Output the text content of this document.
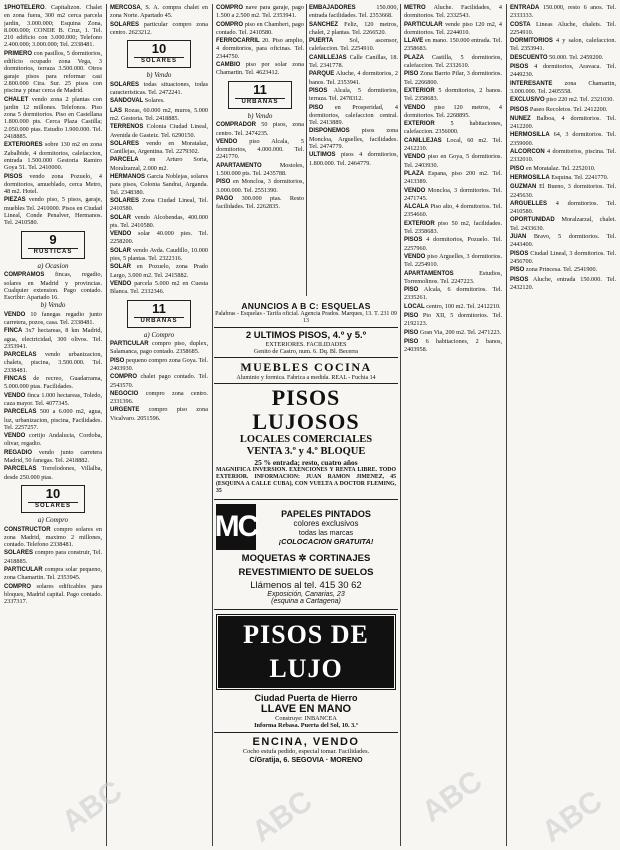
1PHOTELERO. Capitalizon. Chalet en zona fuera, 300 m2 cerca parcela jardin, 3.000.000; Esquina Zona, 8.000.000; CONDE B. Cruz, 1. Tel. 210 edificio con 3.000.000; Telefono 2.400.000; 3.000.000; Tel. 2338481.

PRIMERO con pasillos, 5 dormitorios, edificio ocupado zona Vega, 3 dormitorios, terraza 3.500.000. Otros garaje pisos para reformar casi 2.800.000 Ctra. Sur. 25 pisos con piscina y pinar cerca de Madrid.

CHALET vendo zona 2 plantas con jardin 12 millones. Telefonos. Piso zona 5 dormitorios. Piso en Castellana 1.800.000 pts. Cerca Plaza Castilla; 2.050.000 ptas. Estudio 1.900.000. Tel. 2418885.

EXTERIORES sobre 130 m2 en zona Zabalbide, 4 dormitorios, calefaccion, entrada 1.500.000 Gestoria Ramiro Goya 51. Tel. 2410000.

PISOS vendo zona Pozuelo, 4 dormitorios, amueblado, cerca Metro, 48 m2. Hotel.

PIEZAS vendo piso, 5 pisos, garaje, muebles Tel. 2410000. Pisos en Ciudad Lineal, Conde Penalver, Hermanos. Tel. 2410580.

9
RUSTICAS

a) Ocasion

COMPRAMOS fincas, regadio, solares en Madrid y provincias. Cualquier extension. Pago contado. Escribir: Apartado 16.

b) Vendo

VENDO 10 fanegas regadio junto carretera, pozos, casa. Tel. 2338481.

FINCA 3x7 hectareas, 8 km Madrid, agua, electricidad, 300 olivos. Tel. 2353941.

PARCELAS vendo urbanizacion, chalets, piscina, 3.500.000. Tel. 2338481.

FINCAS de recreo, Guadarrama, 5.000.000 ptas. Facilidades.

VENDO finca 1.000 hectareas, Toledo, caza mayor. Tel. 4077345.

PARCELAS 500 a 6.000 m2, agua, luz, urbanizacion, piscina, Facilidades. Tel. 2257257.

VENDO cortijo Andalucia, Cordoba, olivar, regadio.

REGADIO vendo junto carretera Madrid, 50 fanegas. Tel. 2418882.

PARCELAS Torrelodones, Villalba, desde 250.000 ptas.

10
SOLARES

a) Compro

CONSTRUCTOR compro solares en zona Madrid, maximo 2 millones, contado. Telefono 2338481.

SOLARES compro para construir, Tel. 2418885.

PARTICULAR compra solar pequeno, zona Chamartin. Tel. 2353945.

COMPRO solares edificables para bloques, Madrid capital. Pago contado. 2337317.

MERCOSA, S. A. compra chalet en zona Norte. Apartado 45.

SOLARES particular compro zona centro. 2623212.

10
SOLARES

b) Vendo

SOLARES todas situaciones, todas caracteristicas. Tel. 2472241.

SANDOVAL Solares.

LAS Rozas, 60.000 m2, muros, 5.000 m2. Gestoria. Tel. 2418885.

TERRENOS Colonia Ciudad Lineal, Avenida de Gasteiz. Tel. 6290150.

SOLARES vendo en Moratalaz, Canillejas, Argentina. Tel. 2279302.

PARCELA en Arturo Soria, Moralzarzal, 2.000 m2.

HERMANOS Garcia Noblejas, solares para pisos, Colonia Sandrai, Arganda. Tel. 2348380.

SOLARES Zona Ciudad Lineal, Tel. 2410580.

SOLAR vendo Alcobendas, 400.000 pts. Tel. 2410580.

VENDO solar 40.000 pies. Tel. 2258200.

SOLAR vendo Avda. Caudillo, 10.000 pies, 5 plantas. Tel. 2322316.

SOLAR en Pozuelo, zona Prado Largo, 3.000 m2. Tel. 2415882.

VENDO parcela 5.000 m2 en Cuesta Blanca. Tel. 2332346.

11
URBANAS

a) Compro

PARTICULAR compro piso, duplex, Salamanca, pago contado. 2358685.

PISO pequeno compro zona Goya. Tel. 2403930.

COMPRO chalet pago contado. Tel. 2543570.

NEGOCIO compro zona centro. 2331396.

URGENTE compro piso zona Vicalvaro. 2051596.

COMPRO nave para garaje, pago 1.500 a 2.500 m2. Tel. 2353941.

COMPRO piso en Chamberi, pago contado. Tel. 2410580.

FERROCARRIL 20. Piso amplio, 4 dormitorios, para oficinas. Tel. 2344750.

CAMBIO piso por solar zona Chamartin. Tel. 4623412.

11
URBANAS

b) Vendo

COMPRADOR 50 pisos, zona centro. Tel. 2474235.

VENDO piso Alcala, 5 dormitorios, 4.000.000. Tel. 2241770.

APARTAMENTO Mostoles, 1.500.000 pts. Tel. 2435788.

PISO en Moncloa, 3 dormitorios, 3.000.000. Tel. 2551390.

PAGO 300.000 ptas. Resto facilidades. Tel. 2262835.

EMBAJADORES 150.000, entrada facilidades. Tel. 2353668.

SANCHEZ Feliz, 120 metros, chalet, 2 plantas. Tel. 2266520.

PUERTA Sol, ascensor, calefaccion. Tel. 2254910.

CANILLEJAS Calle Canillas, 18. Tel. 2341778.

PARQUE Aluche, 4 dormitorios, 2 banos. Tel. 2353941.

PISOS Alcala, 5 dormitorios, terraza. Tel. 2478312.

PISO en Prosperidad, 4 dormitorios, calefaccion central. Tel. 2413889.

DISPONEMOS pisos zona Moncloa, Arguelles, facilidades. Tel. 2474779.

ULTIMOS pisos 4 dormitorios, 1.800.000. Tel. 2464779.

METRO Aluche. Facilidades, 4 dormitorios. Tel. 2332543.

PARTICULAR vende piso 120 m2, 4 dormitorios. Tel. 2244010.

LLAVE en mano. 150.000 entrada. Tel. 2358683.

PLAZA Castilla, 5 dormitorios, calefaccion. Tel. 2332610.

PISO Zona Barrio Pilar, 3 dormitorios. Tel. 2266800.

EXTERIOR 5 dormitorios, 2 banos. Tel. 2358683.

VENDO piso 120 metros, 4 dormitorios. Tel. 2268895.

EXTERIOR 5 habitaciones, calefaccion. 2356000.

CANILLEJAS Local, 60 m2. Tel. 2412210.

VENDO piso en Goya, 5 dormitorios. Tel. 2403930.

PLAZA Espana, piso 200 m2. Tel. 2413389.

VENDO Moncloa, 3 dormitorios. Tel. 2471745.

ALCALA Piso alto, 4 dormitorios. Tel. 2354660.

EXTERIOR piso 50 m2, facilidades. Tel. 2358683.

PISOS 4 dormitorios, Pozuelo. Tel. 2257960.

VENDO piso Arguelles, 3 dormitorios. Tel. 2254910.

APARTAMENTOS Estudios, Torremolinos. Tel. 2247223.

PISO Alcala, 6 dormitorios. Tel. 2335261.

LOCAL centro, 100 m2. Tel. 2412210.

PISO Pio XII, 5 dormitorios. Tel. 2192123.

PISO Gran Via, 200 m2. Tel. 2471223.

PISO 6 habitaciones, 2 banos, 2403958.

ENTRADA 150.000, resto 6 anos. Tel. 2333333.

COSTA Lineas Aluche, chalets. Tel. 2254910.

DORMITORIOS 4 y salon, calefaccion. Tel. 2353941.

DESCUENTO 50.000. Tel. 2459200.

PISOS 4 dormitorios, Aravaca. Tel. 2449230.

INTERESANTE zona Chamartin, 3.000.000. Tel. 2405558.

EXCLUSIVO piso 220 m2. Tel. 2321030.

PISOS Paseo Recoletos. Tel. 2412200.

NUNEZ Balboa, 4 dormitorios. Tel. 2412200.

HERMOSILLA 64, 3 dormitorios. Tel. 2359000.

ALCORCON 4 dormitorios, piscina. Tel. 2332010.

PISO en Moratalaz. Tel. 2252010.

HERMOSILLA Esquina. Tel. 2241770.

GUZMAN El Bueno, 3 dormitorios. Tel. 2245630.

ARGUELLES 4 dormitorios. Tel. 2410580.

OPORTUNIDAD Moralzarzal, chalet. Tel. 2433630.

JUAN Bravo, 5 dormitorios. Tel. 2443400.

PISOS Ciudad Lineal, 3 dormitorios. Tel. 2456700.

PISO zona Princesa. Tel. 2541900.

PISOS Aluche, entrada 150.000. Tel. 2432120.

ANUNCIOS A B C: ESQUELAS
Palabras - Esquelas - Tarifa oficial. Agencia Prados. Marques, 13. T. 231 09 13
2 ULTIMOS PISOS, 4.º y 5.º
EXTERIORES. FACILIDADES
Genito de Castro, num. 6. Dq. Bl. Becerra
MUEBLES COCINA
Aluminio y formica. Fabrica a medida. REAL - Fuchia 14
PISOS LUJOSOS
LOCALES COMERCIALES
VENTA 3.º y 4.º BLOQUE
25 % entrada; resto, cuatro años
MAGNIFICA INVERSION. EXENCIONES Y RENTA LIBRE. TODO EXTERIOR. INFORMACION: JUAN RAMON JIMENEZ, 45 (ESQUINA A CALLE CUBA), CON VUELTA A DOCTOR FLEMING, 35
MC	PAPELES PINTADOS
colores exclusivos
todas las marcas
¡COLOCACION GRATUITA!
MOQUETAS ✲ CORTINAJES
REVESTIMIENTO DE SUELOS
Llámenos al tel. 415 30 62
Exposición, Canarias, 23
(esquina a Cartagena)
PISOS DE LUJO
Ciudad Puerta de Hierro
LLAVE EN MANO
Construye: INBANCEA
Informa Rebasa. Puerta del Sol, 10. 3.º
ENCINA, VENDO
Cocho estufa pedido, especial tomar. Facilidades.
C/Gratija, 6. SEGOVIA · MORENO
ABC	ABC	ABC ABC
